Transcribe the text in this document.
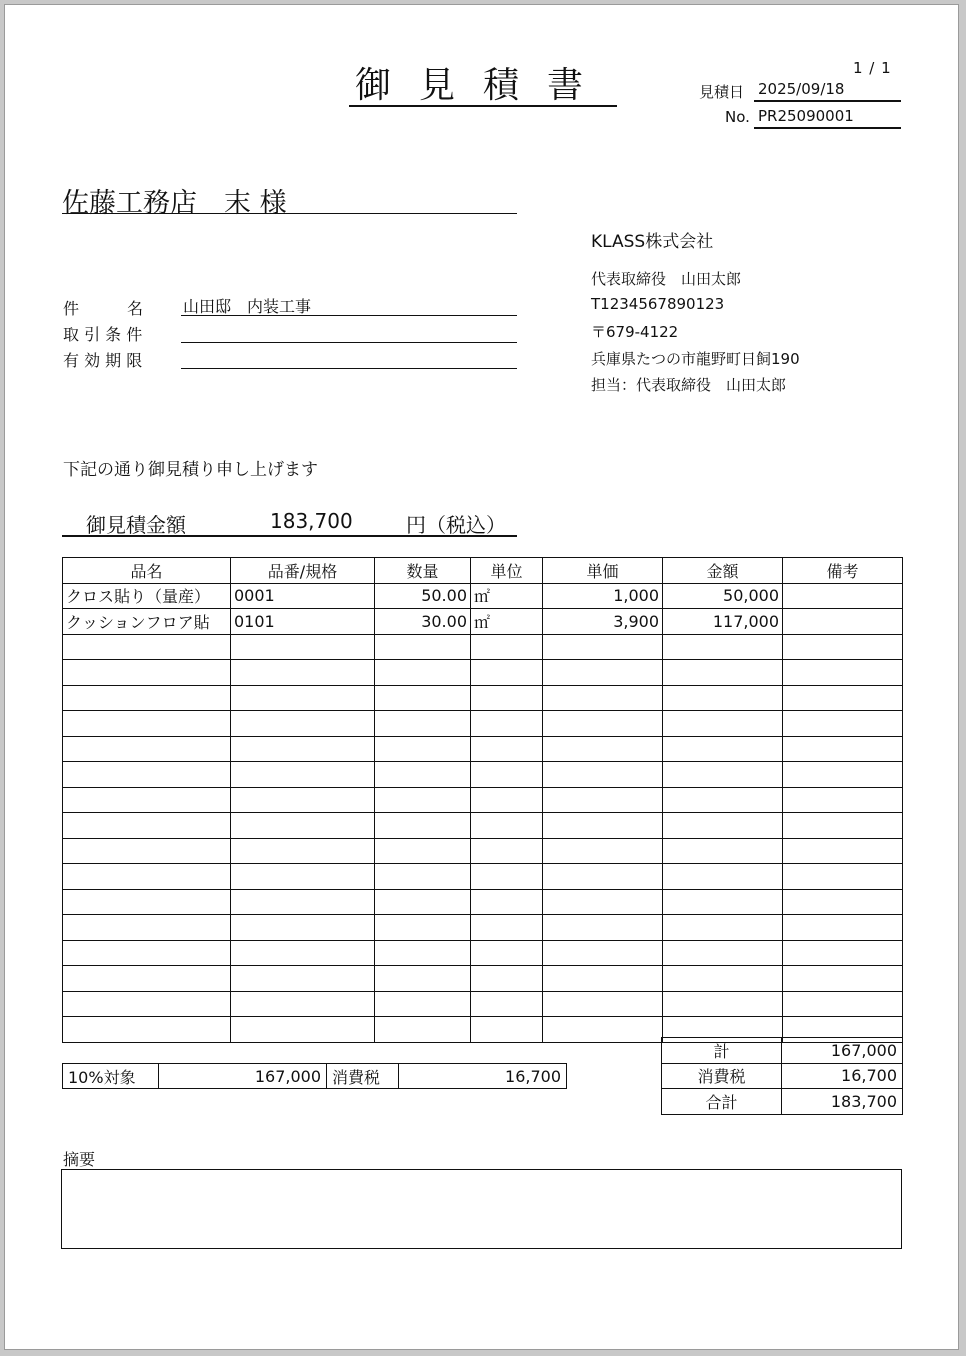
御見積書	1 / 1
見積日 2025/09/18
No. PR25090001
佐藤工務店　末 様
KLASS株式会社
代表取締役　山田太郎
T1234567890123
〒679-4122
兵庫県たつの市龍野町日飼190
担当：代表取締役　山田太郎
件　　　名 山田邸　内装工事
取 引 条 件
有 効 期 限
下記の通り御見積り申し上げます
御見積金額	183,700	円（税込）
品名	品番/規格	数量	単位	単価	金額	備考
クロス貼り（量産）	0001	50.00	㎡	1,000	50,000	
クッションフロア貼	0101	30.00	㎡	3,900	117,000	

10%対象	167,000	消費税	16,700
計	167,000
消費税	16,700
合計	183,700
摘要
